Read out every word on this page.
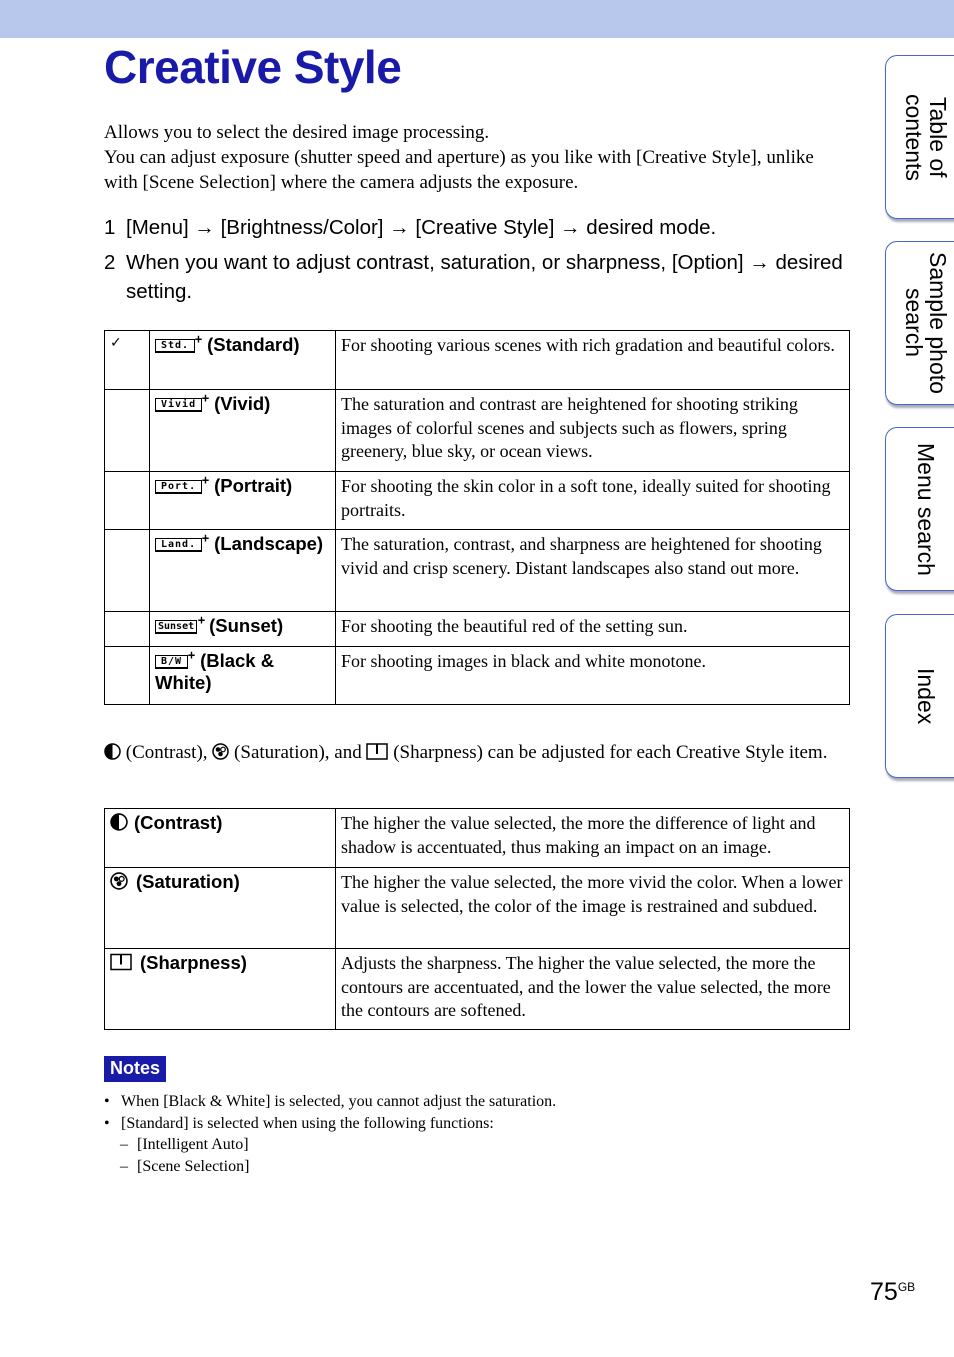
Creative Style

Allows you to select the desired image processing.

You can adjust exposure (shutter speed and aperture) as you like with [Creative Style], unlike with [Scene Selection] where the camera adjusts the exposure.

1 [Menu] → [Brightness/Color] → [Creative Style] → desired mode.
2 When you want to adjust contrast, saturation, or sharpness, [Option] → desired setting.
✓	Std. + (Standard)	For shooting various scenes with rich gradation and beautiful colors.
	Vivid + (Vivid)	The saturation and contrast are heightened for shooting striking images of colorful scenes and subjects such as flowers, spring greenery, blue sky, or ocean views.
	Port. + (Portrait)	For shooting the skin color in a soft tone, ideally suited for shooting portraits.
	Land. + (Landscape)	The saturation, contrast, and sharpness are heightened for shooting vivid and crisp scenery. Distant landscapes also stand out more.
	Sunset + (Sunset)	For shooting the beautiful red of the setting sun.
	B/W + (Black & White)	For shooting images in black and white monotone.
(Contrast),  (Saturation), and  (Sharpness) can be adjusted for each Creative Style item.
(Contrast)	The higher the value selected, the more the difference of light and shadow is accentuated, thus making an impact on an image.
(Saturation)	The higher the value selected, the more vivid the color. When a lower value is selected, the color of the image is restrained and subdued.
(Sharpness)	Adjusts the sharpness. The higher the value selected, the more the contours are accentuated, and the lower the value selected, the more the contours are softened.
Notes
• When [Black & White] is selected, you cannot adjust the saturation.
• [Standard] is selected when using the following functions:
– [Intelligent Auto]
– [Scene Selection]
Table of contents
Sample photo search
Menu search
Index
$75^{GB}$
